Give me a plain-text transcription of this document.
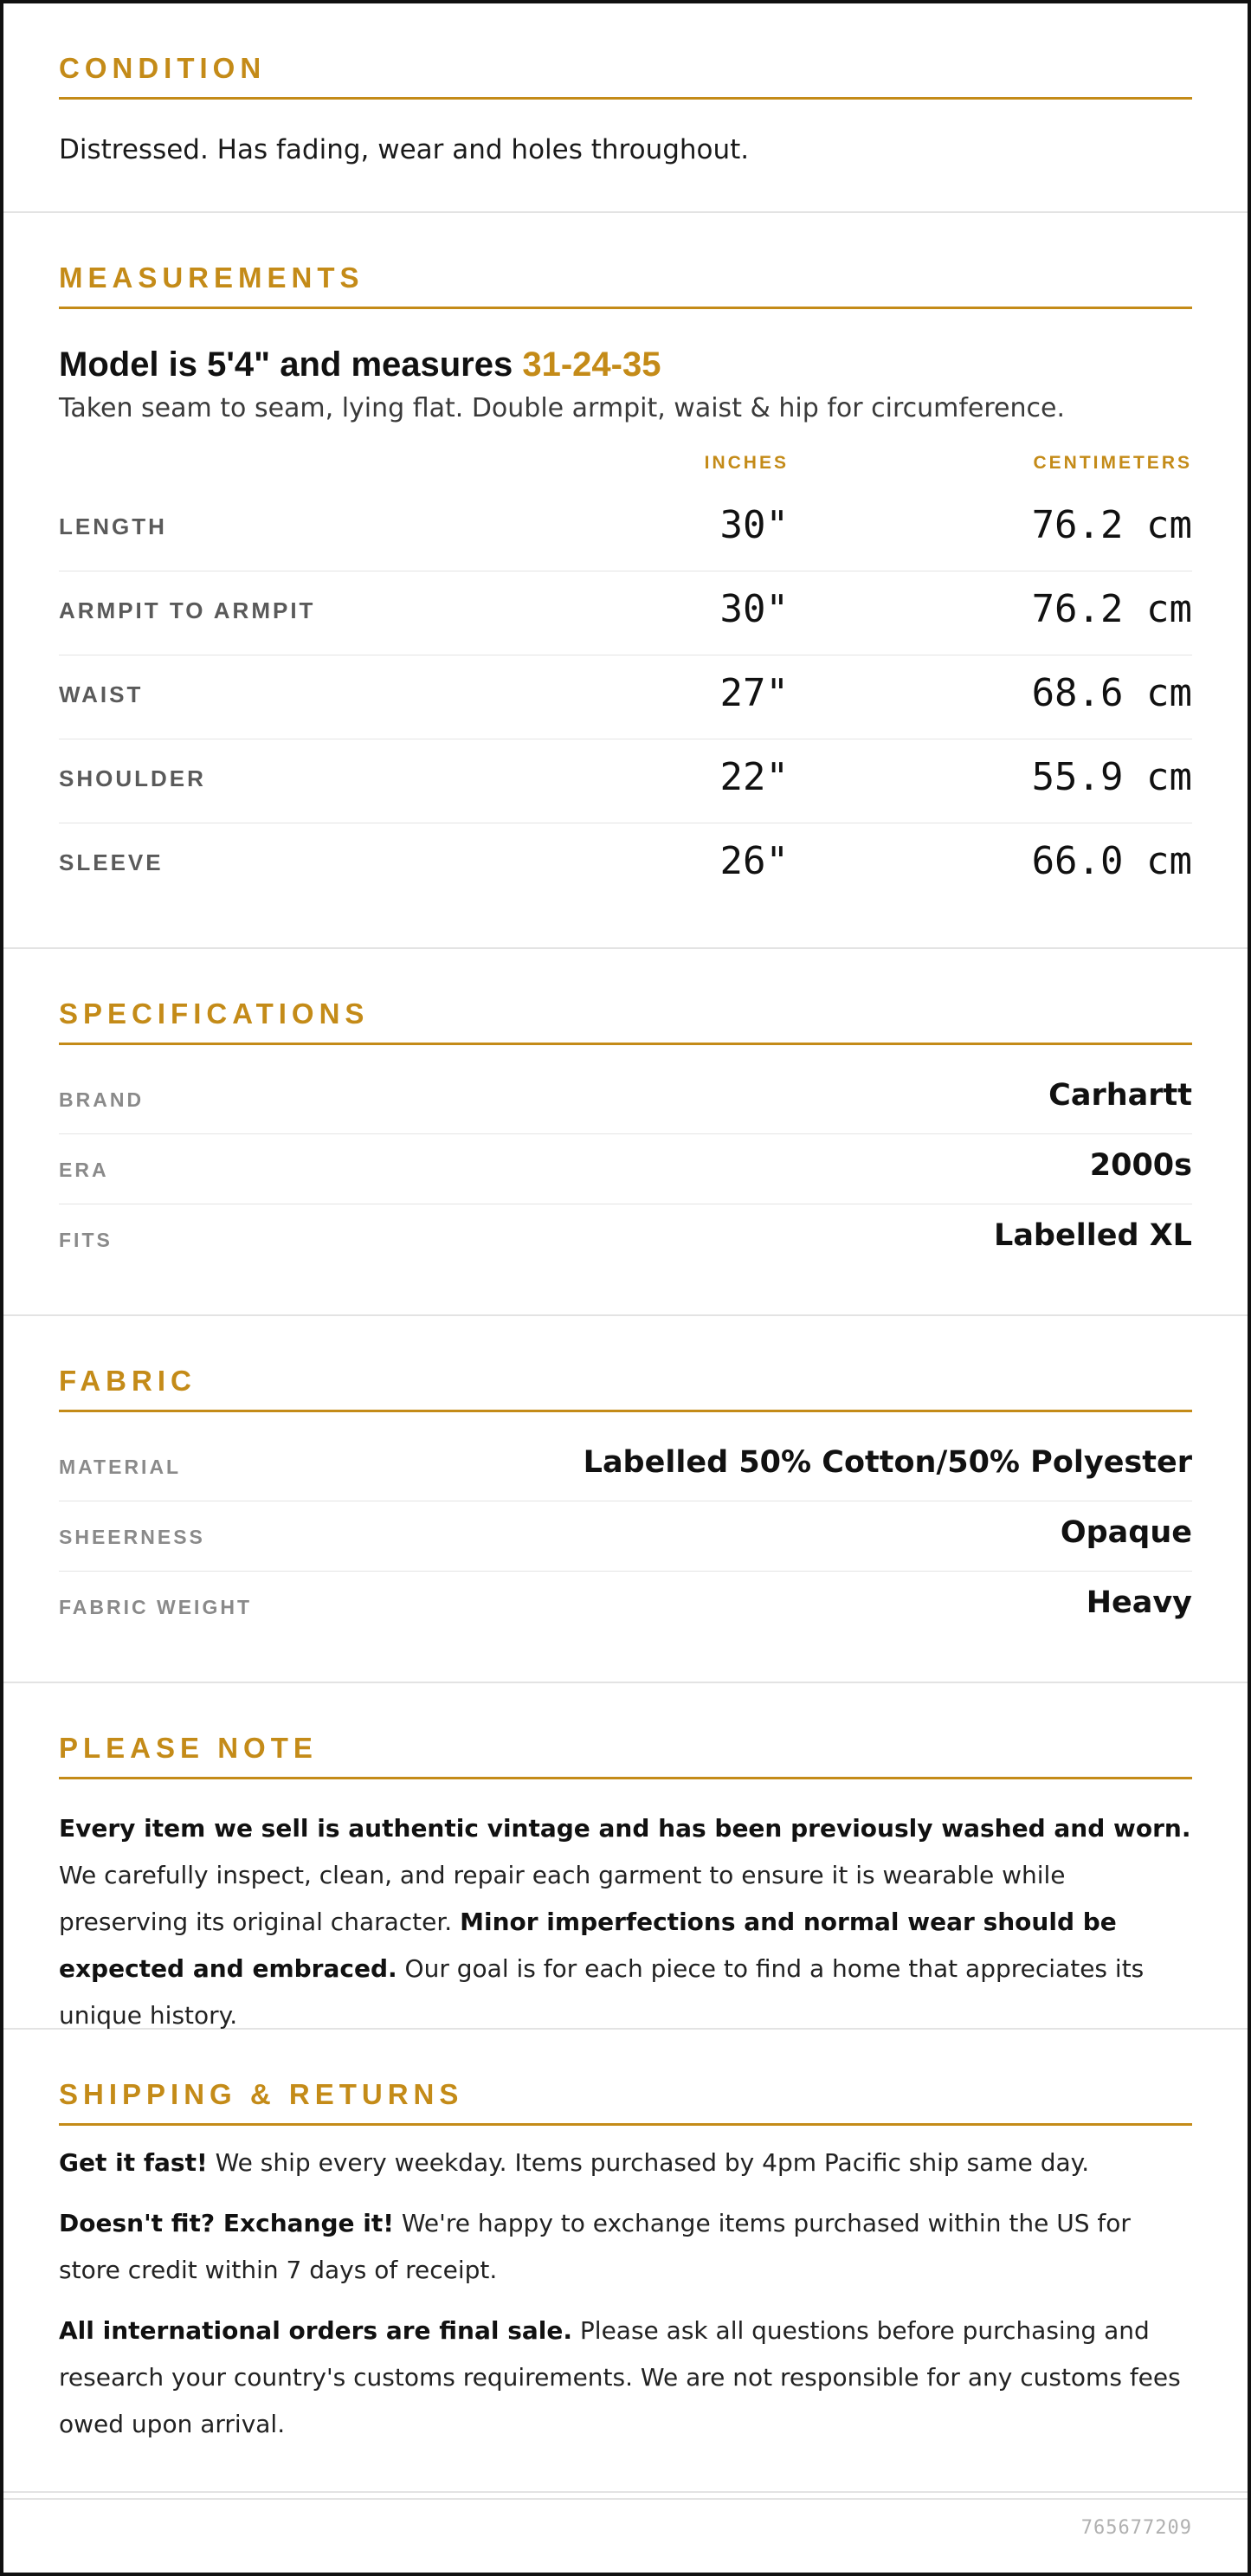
CONDITION
Distressed. Has fading, wear and holes throughout.
MEASUREMENTS
Model is 5'4" and measures 31-24-35
Taken seam to seam, lying flat. Double armpit, waist & hip for circumference.
INCHES	CENTIMETERS
LENGTH	30"	76.2 cm
ARMPIT TO ARMPIT	30"	76.2 cm
WAIST	27"	68.6 cm
SHOULDER	22"	55.9 cm
SLEEVE	26"	66.0 cm
SPECIFICATIONS
BRAND	Carhartt
ERA	2000s
FITS	Labelled XL
FABRIC
MATERIAL	Labelled 50% Cotton/50% Polyester
SHEERNESS	Opaque
FABRIC WEIGHT	Heavy
PLEASE NOTE
Every item we sell is authentic vintage and has been previously washed and worn. We carefully inspect, clean, and repair each garment to ensure it is wearable while preserving its original character. Minor imperfections and normal wear should be expected and embraced. Our goal is for each piece to find a home that appreciates its unique history.
SHIPPING & RETURNS
Get it fast! We ship every weekday. Items purchased by 4pm Pacific ship same day.
Doesn't fit? Exchange it! We're happy to exchange items purchased within the US for store credit within 7 days of receipt.
All international orders are final sale. Please ask all questions before purchasing and research your country's customs requirements. We are not responsible for any customs fees owed upon arrival.
765677209
